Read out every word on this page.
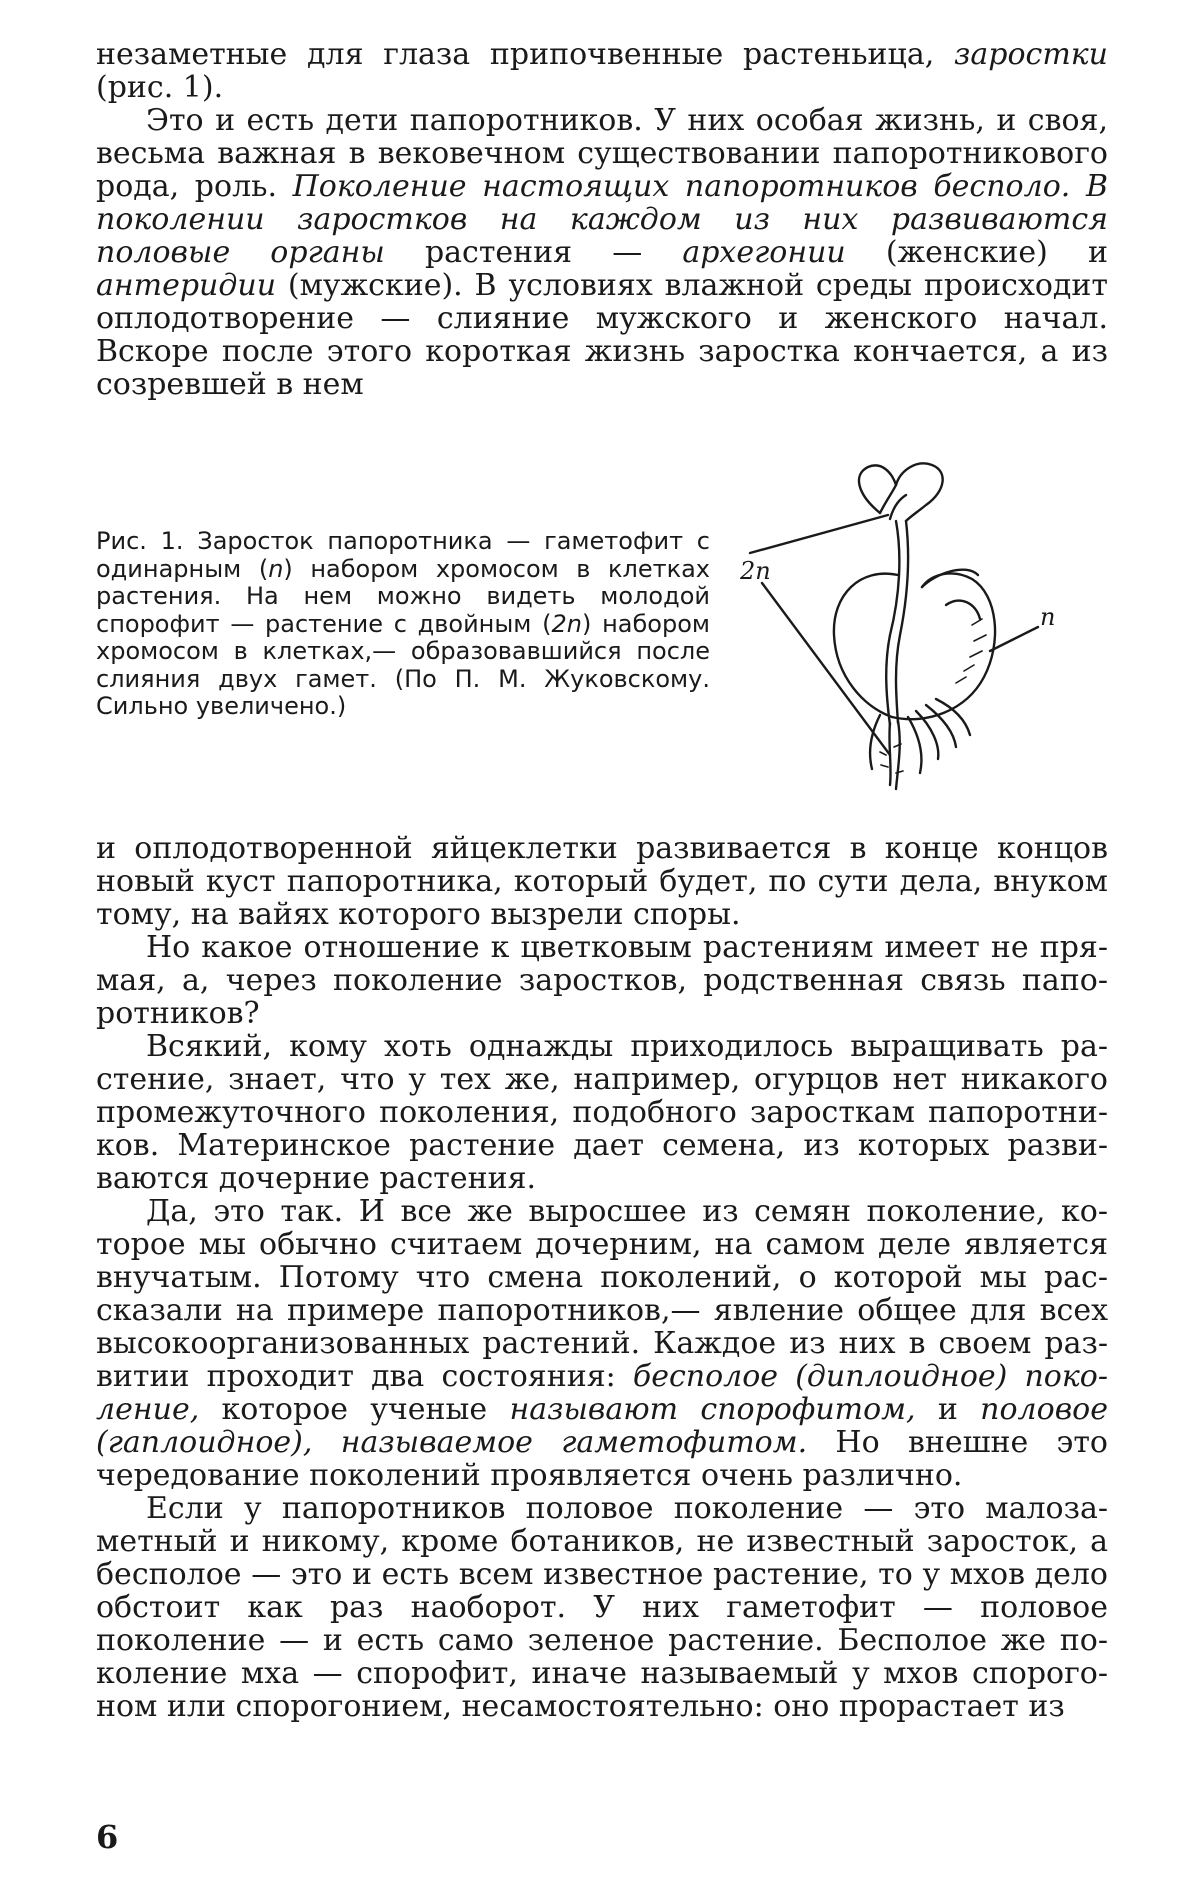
незаметные для глаза припочвенные растеньица, заростки (рис. 1).

Это и есть дети папоротников. У них особая жизнь, и своя, весьма важная в вековечном существовании папоротникового рода, роль. Поколение настоящих папоротников бесполо. В поколении заростков на каждом из них развиваются половые органы растения — архегонии (женские) и антеридии (мужские). В условиях влажной среды происходит оплодотворение — слияние мужского и женского начал. Вскоре после этого короткая жизнь заростка кончается, а из созревшей в нем

Рис. 1. Заросток папоротника — гаметофит с одинарным (n) набором хромосом в клетках растения. На нем можно видеть молодой спорофит — растение с двойным (2n) набором хромосом в клетках,— образовавшийся после слияния двух гамет. (По П. М. Жуковскому. Сильно увеличено.)

2n
n

и оплодотворенной яйцеклетки развивается в конце концов новый куст папоротника, который будет, по сути дела, внуком тому, на вайях которого вызрели споры.

Но какое отношение к цветковым растениям имеет не прямая, а, через поколение заростков, родственная связь папоротников?

Всякий, кому хоть однажды приходилось выращивать растение, знает, что у тех же, например, огурцов нет никакого промежуточного поколения, подобного заросткам папоротников. Материнское растение дает семена, из которых развиваются дочерние растения.

Да, это так. И все же выросшее из семян поколение, которое мы обычно считаем дочерним, на самом деле является внучатым. Потому что смена поколений, о которой мы рассказали на примере папоротников,— явление общее для всех высокоорганизованных растений. Каждое из них в своем развитии проходит два состояния: бесполое (диплоидное) поколение, которое ученые называют спорофитом, и половое (гаплоидное), называемое гаметофитом. Но внешне это чередование поколений проявляется очень различно.

Если у папоротников половое поколение — это малозаметный и никому, кроме ботаников, не известный заросток, а бесполое — это и есть всем известное растение, то у мхов дело обстоит как раз наоборот. У них гаметофит — половое поколение — и есть само зеленое растение. Бесполое же поколение мха — спорофит, иначе называемый у мхов спорогоном или спорогонием, несамостоятельно: оно прорастает из

6
